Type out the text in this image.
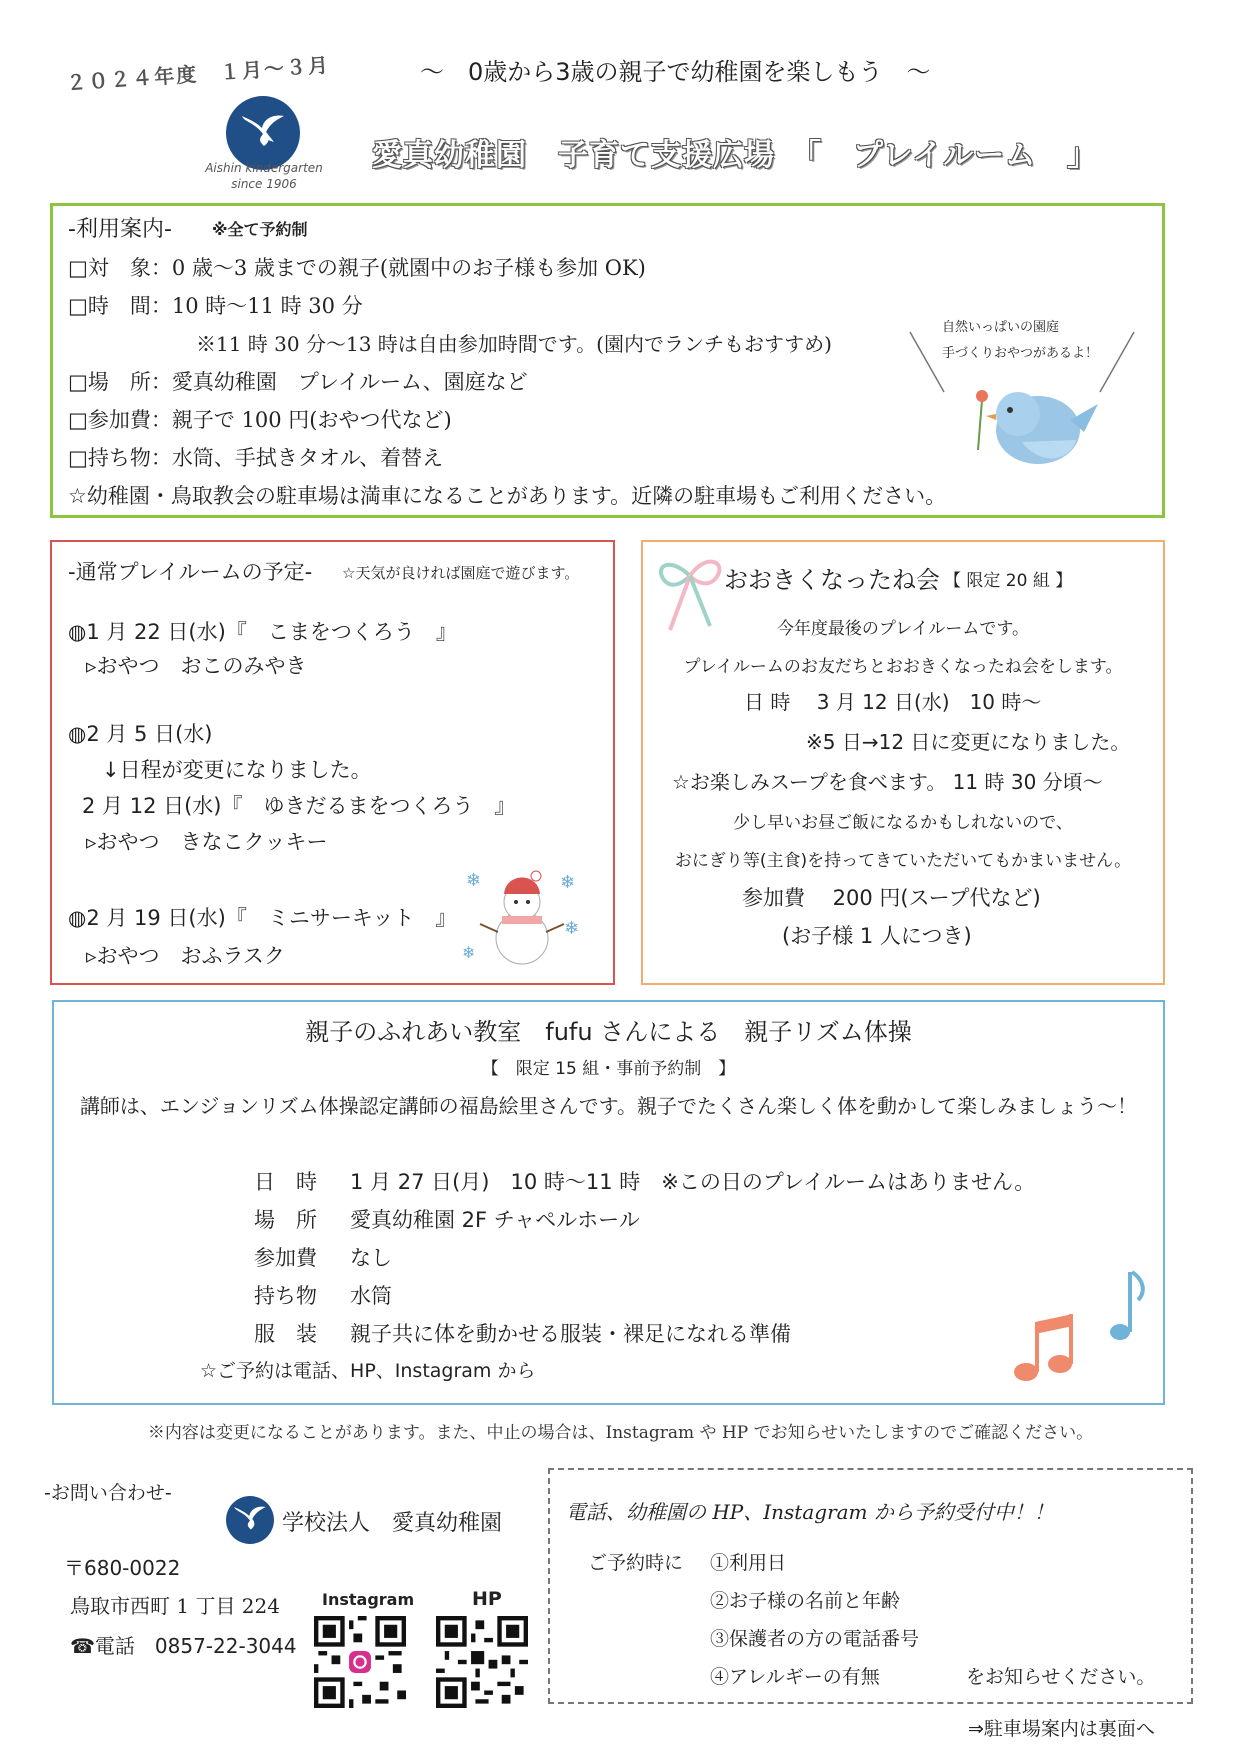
２０２４年度　１月～３月	～　0歳から3歳の親子で幼稚園を楽しもう　～
Aishin kindergarten
since 1906
愛真幼稚園　子育て支援広場　「　プレイルーム　」
-利用案内-	※全て予約制
□対　象：0 歳～3 歳までの親子(就園中のお子様も参加 OK)
□時　間：10 時～11 時 30 分
※11 時 30 分～13 時は自由参加時間です。(園内でランチもおすすめ)
□場　所：愛真幼稚園　プレイルーム、園庭など
□参加費：親子で 100 円(おやつ代など)
□持ち物：水筒、手拭きタオル、着替え
☆幼稚園・鳥取教会の駐車場は満車になることがあります。近隣の駐車場もご利用ください。
自然いっぱいの園庭
手づくりおやつがあるよ！
-通常プレイルームの予定- ☆天気が良ければ園庭で遊びます。
◍1 月 22 日(水)『　こまをつくろう　』
▹おやつ　おこのみやき
◍2 月 5 日(水)
↓日程が変更になりました。
2 月 12 日(水)『　ゆきだるまをつくろう　』
▹おやつ　きなこクッキー
◍2 月 19 日(水)『　ミニサーキット　』
▹おやつ　おふラスク
❄	❄
❄
❄
今年度最後のプレイルームです。
プレイルームのお友だちとおおきくなったね会をします。
少し早いお昼ご飯になるかもしれないので、
おにぎり等(主食)を持ってきていただいてもかまいません。
おおきくなったね会 【 限定 20 組 】
日 時　 3 月 12 日(水)　10 時～
※5 日→12 日に変更になりました。
☆お楽しみスープを食べます。 11 時 30 分頃～
参加費　 200 円(スープ代など)
(お子様 1 人につき)
親子のふれあい教室　fufu さんによる　親子リズム体操
【　限定 15 組・事前予約制　】
講師は、エンジョンリズム体操認定講師の福島絵里さんです。親子でたくさん楽しく体を動かして楽しみましょう～！
日　時 1 月 27 日(月)　10 時～11 時　※この日のプレイルームはありません。
場　所 愛真幼稚園 2F チャペルホール
参加費 なし
持ち物 水筒
服　装 親子共に体を動かせる服装・裸足になれる準備
☆ご予約は電話、HP、Instagram から
※内容は変更になることがあります。また、中止の場合は、Instagram や HP でお知らせいたしますのでご確認ください。
-お問い合わせ-
学校法人　愛真幼稚園
〒680-0022
鳥取市西町 1 丁目 224
☎電話　0857-22-3044
Instagram	HP
電話、幼稚園の HP、Instagram から予約受付中！！
ご予約時に ①利用日
②お子様の名前と年齢
③保護者の方の電話番号
④アレルギーの有無	をお知らせください。
⇒駐車場案内は裏面へ
